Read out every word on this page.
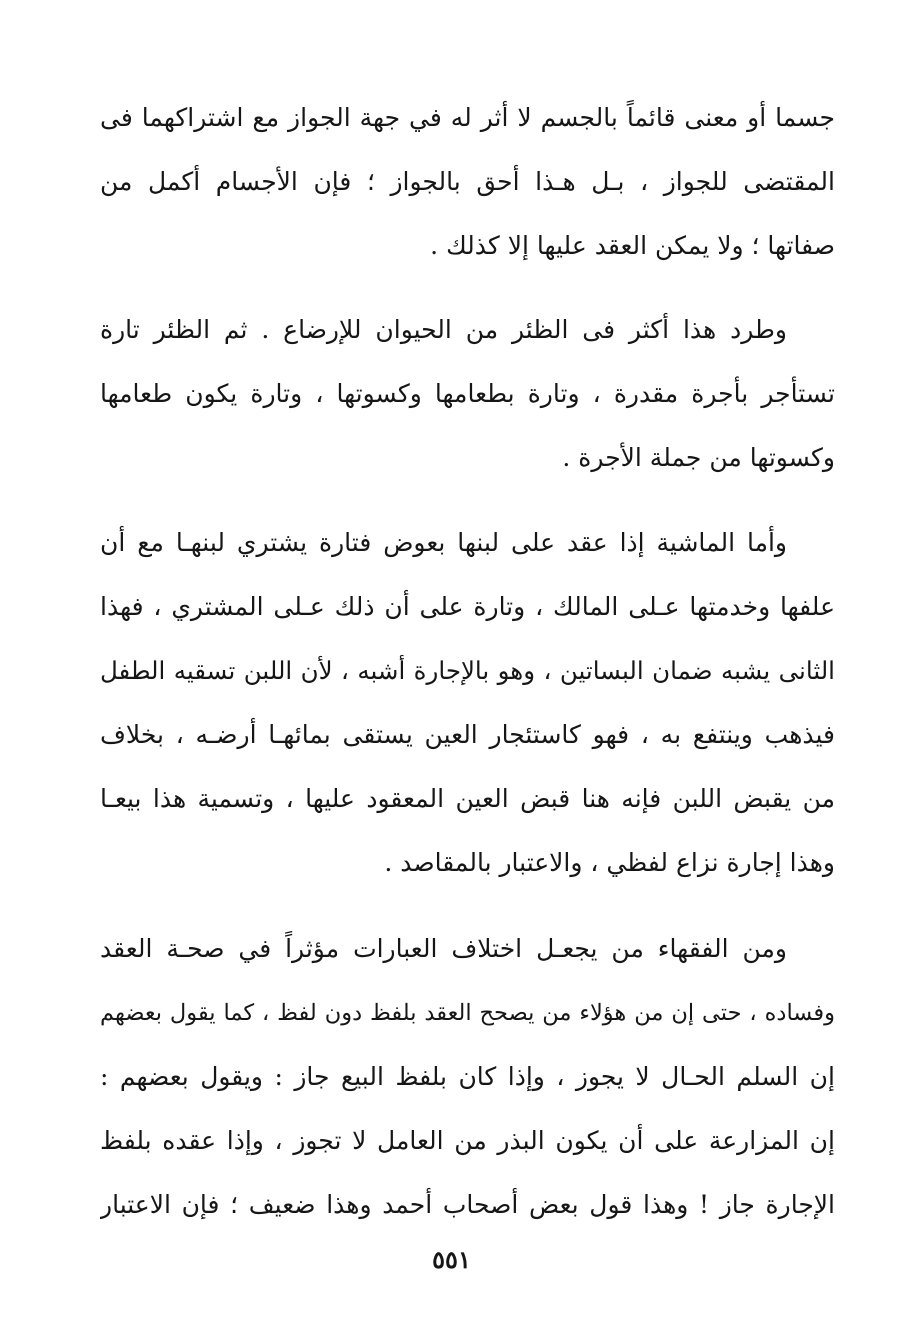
جسما أو معنى قائماً بالجسم لا أثر له في جهة الجواز مع اشتراكهما فى
المقتضى للجواز ، بـل هـذا أحق بالجواز ؛ فإن الأجسام أكمل من
صفاتها ؛ ولا يمكن العقد عليها إلا كذلك .
وطرد هذا أكثر فى الظئر من الحيوان للإرضاع . ثم الظئر تارة
تستأجر بأجرة مقدرة ، وتارة بطعامها وكسوتها ، وتارة يكون طعامها
وكسوتها من جملة الأجرة .
وأما الماشية إذا عقد على لبنها بعوض فتارة يشتري لبنهـا مع أن
علفها وخدمتها عـلى المالك ، وتارة على أن ذلك عـلى المشتري ، فهذا
الثانى يشبه ضمان البساتين ، وهو بالإجارة أشبه ، لأن اللبن تسقيه الطفل
فيذهب وينتفع به ، فهو كاستئجار العين يستقى بمائهـا أرضـه ، بخلاف
من يقبض اللبن فإنه هنا قبض العين المعقود عليها ، وتسمية هذا بيعـا
وهذا إجارة نزاع لفظي ، والاعتبار بالمقاصد .
ومن الفقهاء من يجعـل اختلاف العبارات مؤثراً في صحـة العقد
وفساده ، حتى إن من هؤلاء من يصحح العقد بلفظ دون لفظ ، كما يقول بعضهم
إن السلم الحـال لا يجوز ، وإذا كان بلفظ البيع جاز : ويقول بعضهم :
إن المزارعة على أن يكون البذر من العامل لا تجوز ، وإذا عقده بلفظ
الإجارة جاز ! وهذا قول بعض أصحاب أحمد وهذا ضعيف ؛ فإن الاعتبار
٥٥١
